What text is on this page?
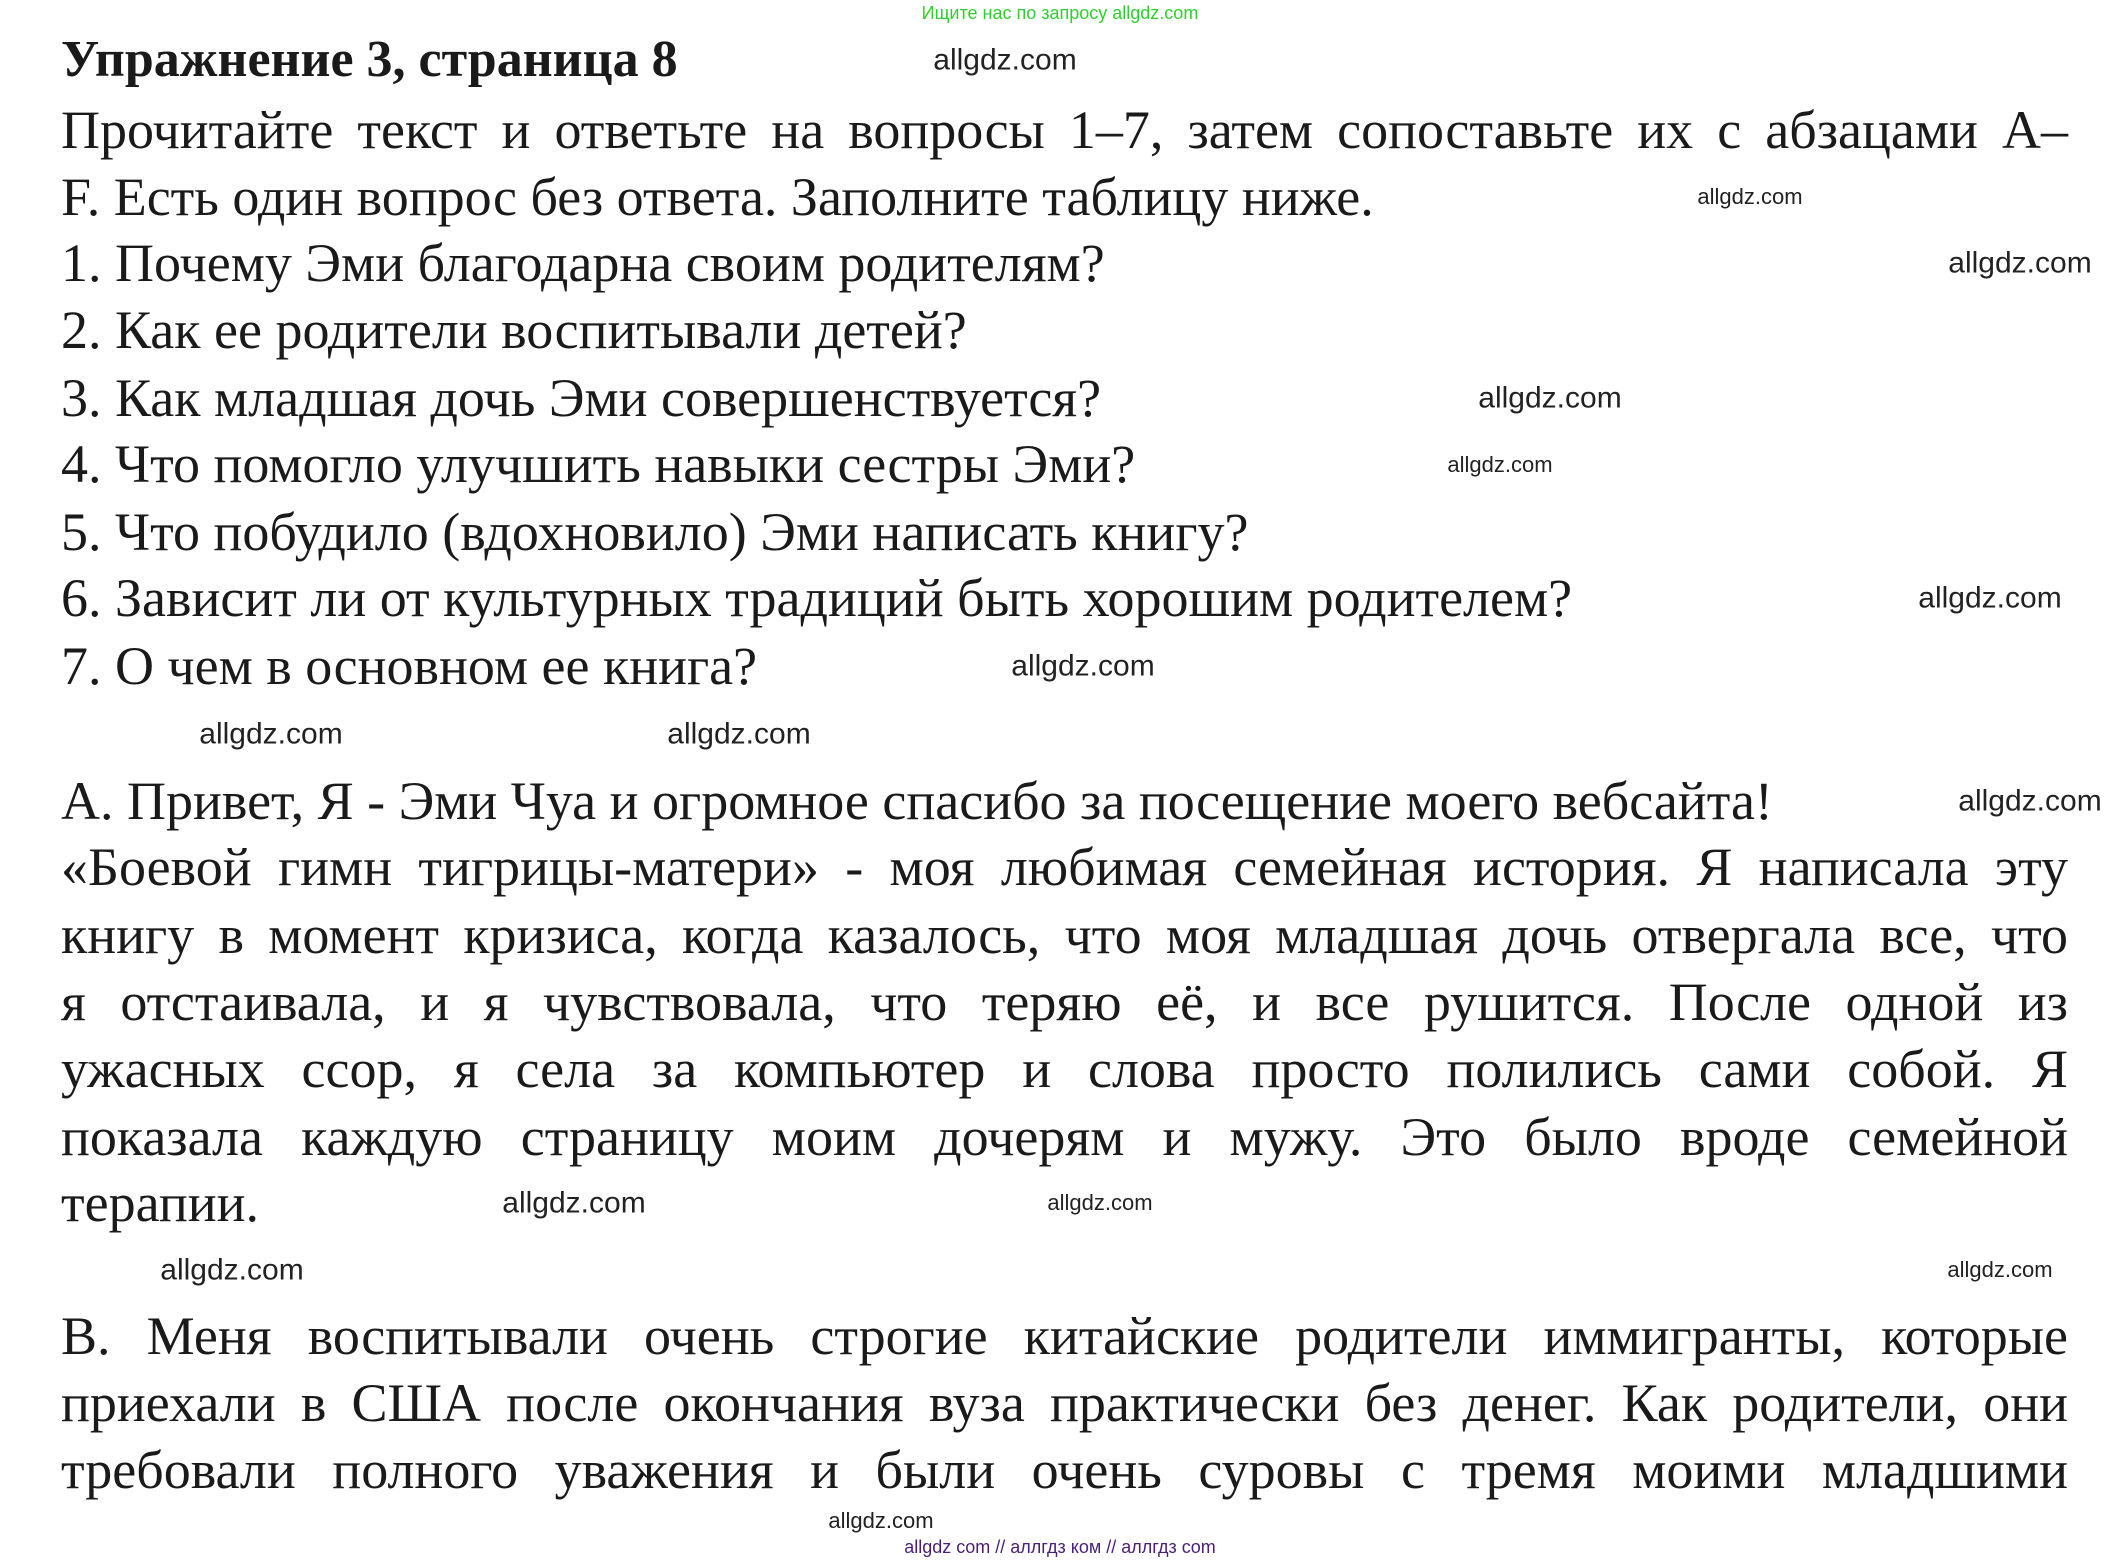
Ищите нас по запросу allgdz.com
Упражнение 3, страница 8
Прочитайте текст и ответьте на вопросы 1–7, затем сопоставьте их с абзацами А–
F. Есть один вопрос без ответа. Заполните таблицу ниже.
1. Почему Эми благодарна своим родителям?
2. Как ее родители воспитывали детей?
3. Как младшая дочь Эми совершенствуется?
4. Что помогло улучшить навыки сестры Эми?
5. Что побудило (вдохновило) Эми написать книгу?
6. Зависит ли от культурных традиций быть хорошим родителем?
7. О чем в основном ее книга?
А. Привет, Я - Эми Чуа и огромное спасибо за посещение моего вебсайта!
«Боевой гимн тигрицы-матери» - моя любимая семейная история. Я написала эту
книгу в момент кризиса, когда казалось, что моя младшая дочь отвергала все, что
я отстаивала, и я чувствовала, что теряю её, и все рушится. После одной из
ужасных ссор, я села за компьютер и слова просто полились сами собой. Я
показала каждую страницу моим дочерям и мужу. Это было вроде семейной
терапии.
В. Меня воспитывали очень строгие китайские родители иммигранты, которые
приехали в США после окончания вуза практически без денег. Как родители, они
требовали полного уважения и были очень суровы с тремя моими младшими
allgdz.com
allgdz.com
allgdz.com
allgdz.com
allgdz.com
allgdz.com
allgdz.com
allgdz.com	allgdz.com
allgdz.com
allgdz.com
allgdz.com
allgdz.com	allgdz.com
allgdz.com
allgdz com // аллгдз ком // аллгдз com
